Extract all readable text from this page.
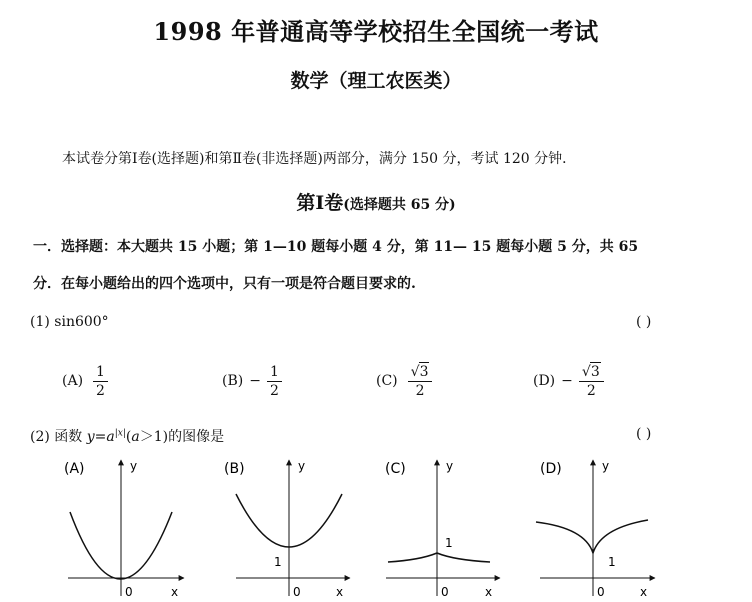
1998 年普通高等学校招生全国统一考试
数学（理工农医类）
本试卷分第Ⅰ卷(选择题)和第Ⅱ卷(非选择题)两部分，满分 150 分，考试 120 分钟．
第Ⅰ卷(选择题共 65 分)
一．选择题：本大题共 15 小题；第 1—10 题每小题 4 分，第 11— 15 题每小题 5 分，共 65
分．在每小题给出的四个选项中，只有一项是符合题目要求的.
(1) sin600°	( )
$(A) \frac{1}{2}$	$(B) - \frac{1}{2}$	$(C) \frac{√3}{2}$	$(D) - \frac{√3}{2}$
(2) 函数 $y=a^{|x|}(a>1)$的图像是	( )
(A)	y
x
0
(B)	y
x
0
1
(C)	y
x
0
1
(D)	y
x
0
1
